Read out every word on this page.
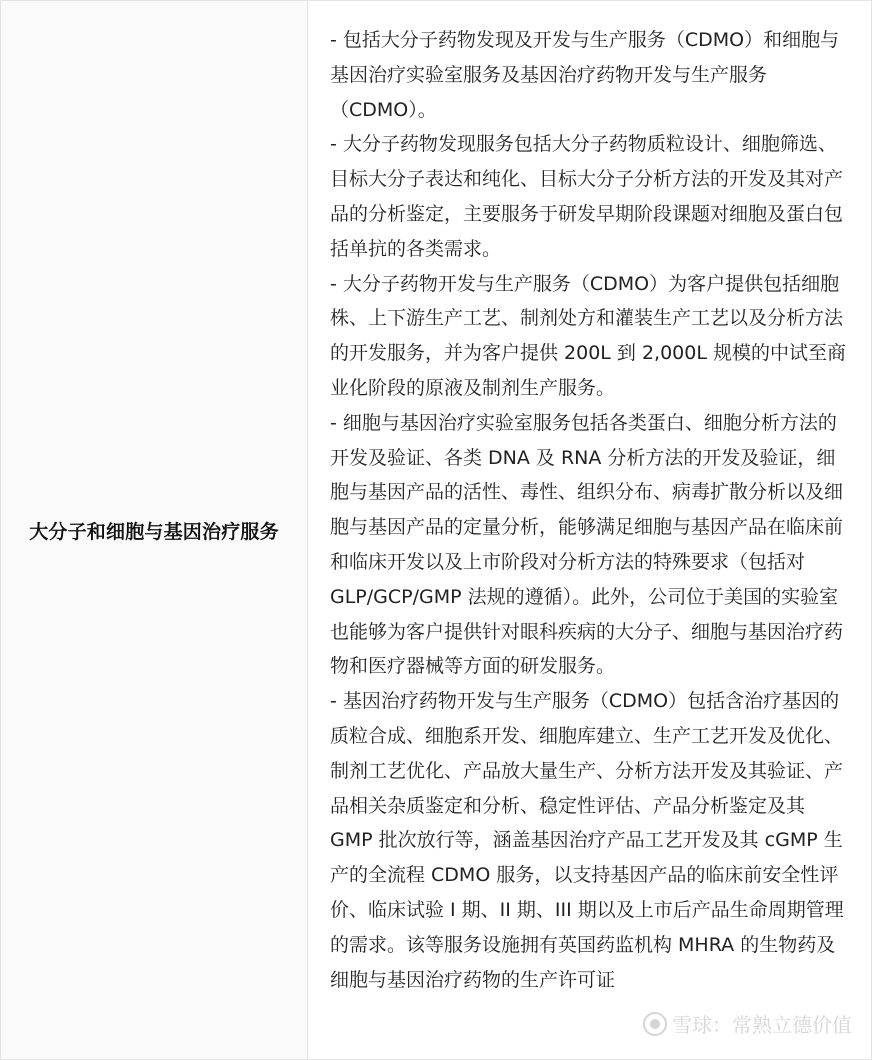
大分子和细胞与基因治疗服务

- 包括大分子药物发现及开发与生产服务（CDMO）和细胞与基因治疗实验室服务及基因治疗药物开发与生产服务（CDMO）。

- 大分子药物发现服务包括大分子药物质粒设计、细胞筛选、目标大分子表达和纯化、目标大分子分析方法的开发及其对产品的分析鉴定，主要服务于研发早期阶段课题对细胞及蛋白包括单抗的各类需求。

- 大分子药物开发与生产服务（CDMO）为客户提供包括细胞株、上下游生产工艺、制剂处方和灌装生产工艺以及分析方法的开发服务，并为客户提供 200L 到 2,000L 规模的中试至商业化阶段的原液及制剂生产服务。

- 细胞与基因治疗实验室服务包括各类蛋白、细胞分析方法的开发及验证、各类 DNA 及 RNA 分析方法的开发及验证，细胞与基因产品的活性、毒性、组织分布、病毒扩散分析以及细胞与基因产品的定量分析，能够满足细胞与基因产品在临床前和临床开发以及上市阶段对分析方法的特殊要求（包括对 GLP/GCP/GMP 法规的遵循）。此外，公司位于美国的实验室也能够为客户提供针对眼科疾病的大分子、细胞与基因治疗药物和医疗器械等方面的研发服务。

- 基因治疗药物开发与生产服务（CDMO）包括含治疗基因的质粒合成、细胞系开发、细胞库建立、生产工艺开发及优化、制剂工艺优化、产品放大量生产、分析方法开发及其验证、产品相关杂质鉴定和分析、稳定性评估、产品分析鉴定及其 GMP 批次放行等，涵盖基因治疗产品工艺开发及其 cGMP 生产的全流程 CDMO 服务，以支持基因产品的临床前安全性评价、临床试验 I 期、II 期、III 期以及上市后产品生命周期管理的需求。该等服务设施拥有英国药监机构 MHRA 的生物药及细胞与基因治疗药物的生产许可证

雪球：常熟立德价值
